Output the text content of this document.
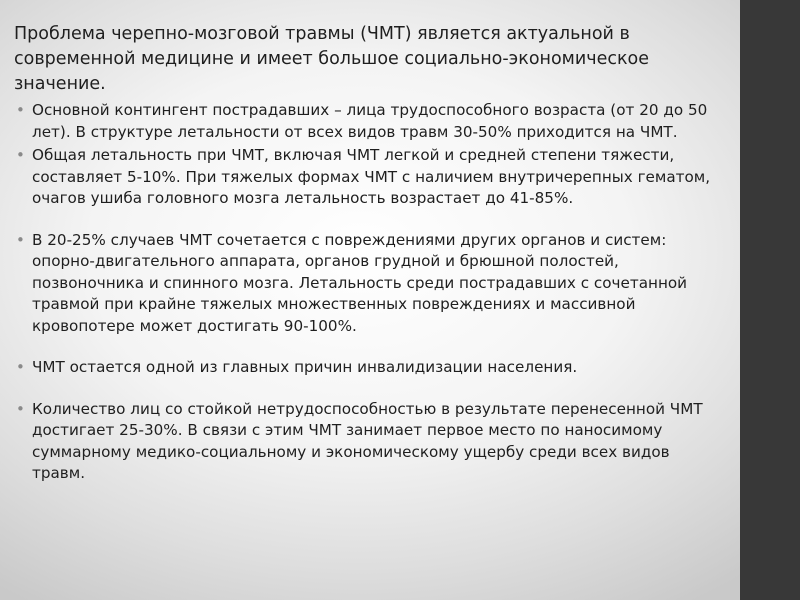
Проблема черепно-мозговой травмы (ЧМТ) является актуальной в современной медицине и имеет большое социально-экономическое значение.

• Основной контингент пострадавших – лица трудоспособного возраста (от 20 до 50 лет). В структуре летальности от всех видов травм 30-50% приходится на ЧМТ.
• Общая летальность при ЧМТ, включая ЧМТ легкой и средней степени тяжести, составляет 5-10%. При тяжелых формах ЧМТ с наличием внутричерепных гематом, очагов ушиба головного мозга летальность возрастает до 41-85%.
• В 20-25% случаев ЧМТ сочетается с повреждениями других органов и систем: опорно-двигательного аппарата, органов грудной и брюшной полостей, позвоночника и спинного мозга. Летальность среди пострадавших с сочетанной травмой при крайне тяжелых множественных повреждениях и массивной кровопотере может достигать 90-100%.
• ЧМТ остается одной из главных причин инвалидизации населения.
• Количество лиц со стойкой нетрудоспособностью в результате перенесенной ЧМТ достигает 25-30%. В связи с этим ЧМТ занимает первое место по наносимому суммарному медико-социальному и экономическому ущербу среди всех видов травм.
